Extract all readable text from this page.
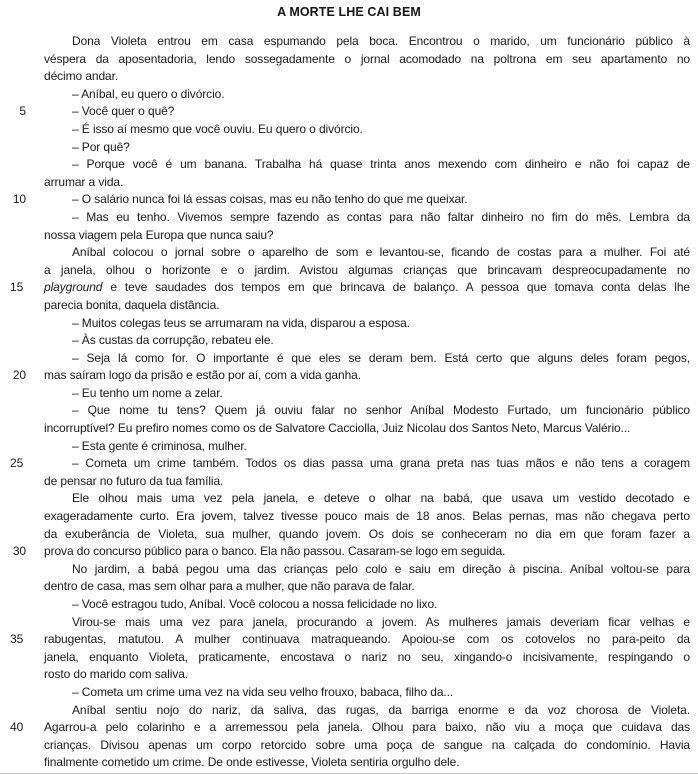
A MORTE LHE CAI BEM
Dona Violeta entrou em casa espumando pela boca. Encontrou o marido, um funcionário público à
véspera da aposentadoria, lendo sossegadamente o jornal acomodado na poltrona em seu apartamento no
décimo andar.
– Aníbal, eu quero o divórcio.
5	– Você quer o quê?
– É isso aí mesmo que você ouviu. Eu quero o divórcio.
– Por quê?
– Porque você é um banana. Trabalha há quase trinta anos mexendo com dinheiro e não foi capaz de
arrumar a vida.
10	– O salário nunca foi lá essas coisas, mas eu não tenho do que me queixar.
– Mas eu tenho. Vivemos sempre fazendo as contas para não faltar dinheiro no fim do mês. Lembra da
nossa viagem pela Europa que nunca saiu?
Aníbal colocou o jornal sobre o aparelho de som e levantou-se, ficando de costas para a mulher. Foi até
a janela, olhou o horizonte e o jardim. Avistou algumas crianças que brincavam despreocupadamente no
15 playground e teve saudades dos tempos em que brincava de balanço. A pessoa que tomava conta delas lhe
parecia bonita, daquela distância.
– Muitos colegas teus se arrumaram na vida, disparou a esposa.
– Às custas da corrupção, rebateu ele.
– Seja lá como for. O importante é que eles se deram bem. Está certo que alguns deles foram pegos,
20 mas saíram logo da prisão e estão por aí, com a vida ganha.
– Eu tenho um nome a zelar.
– Que nome tu tens? Quem já ouviu falar no senhor Aníbal Modesto Furtado, um funcionário público
incorruptível? Eu prefiro nomes como os de Salvatore Cacciolla, Juiz Nicolau dos Santos Neto, Marcus Valério...
– Esta gente é criminosa, mulher.
25	– Cometa um crime também. Todos os dias passa uma grana preta nas tuas mãos e não tens a coragem
de pensar no futuro da tua família.
Ele olhou mais uma vez pela janela, e deteve o olhar na babá, que usava um vestido decotado e
exageradamente curto. Era jovem, talvez tivesse pouco mais de 18 anos. Belas pernas, mas não chegava perto
da exuberância de Violeta, sua mulher, quando jovem. Os dois se conheceram no dia em que foram fazer a
30 prova do concurso público para o banco. Ela não passou. Casaram-se logo em seguida.
No jardim, a babá pegou uma das crianças pelo colo e saiu em direção à piscina. Aníbal voltou-se para
dentro de casa, mas sem olhar para a mulher, que não parava de falar.
– Você estragou tudo, Aníbal. Você colocou a nossa felicidade no lixo.
Virou-se mais uma vez para janela, procurando a jovem. As mulheres jamais deveriam ficar velhas e
35 rabugentas, matutou. A mulher continuava matraqueando. Apoiou-se com os cotovelos no para-peito da
janela, enquanto Violeta, praticamente, encostava o nariz no seu, xingando-o incisivamente, respingando o
rosto do marido com saliva.
– Cometa um crime uma vez na vida seu velho frouxo, babaca, filho da...
Aníbal sentiu nojo do nariz, da saliva, das rugas, da barriga enorme e da voz chorosa de Violeta.
40 Agarrou-a pelo colarinho e a arremessou pela janela. Olhou para baixo, não viu a moça que cuidava das
crianças. Divisou apenas um corpo retorcido sobre uma poça de sangue na calçada do condomínio. Havia
finalmente cometido um crime. De onde estivesse, Violeta sentiria orgulho dele.
